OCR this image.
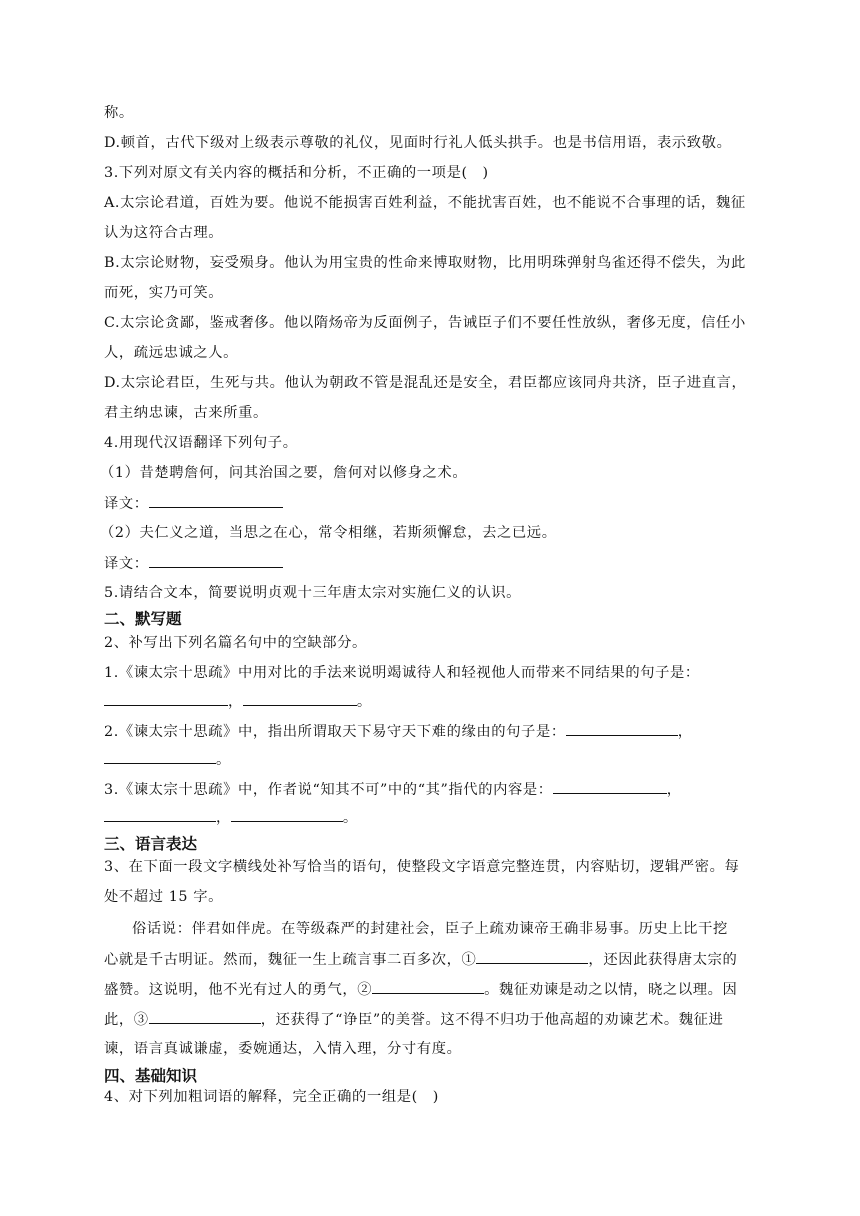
称。
D.顿首，古代下级对上级表示尊敬的礼仪，见面时行礼人低头拱手。也是书信用语，表示致敬。
3.下列对原文有关内容的概括和分析，不正确的一项是(　)
A.太宗论君道，百姓为要。他说不能损害百姓利益，不能扰害百姓，也不能说不合事理的话，魏征
认为这符合古理。
B.太宗论财物，妄受殒身。他认为用宝贵的性命来博取财物，比用明珠弹射鸟雀还得不偿失，为此
而死，实乃可笑。
C.太宗论贪鄙，鉴戒奢侈。他以隋炀帝为反面例子，告诫臣子们不要任性放纵，奢侈无度，信任小
人，疏远忠诚之人。
D.太宗论君臣，生死与共。他认为朝政不管是混乱还是安全，君臣都应该同舟共济，臣子进直言，
君主纳忠谏，古来所重。
4.用现代汉语翻译下列句子。
（1）昔楚聘詹何，问其治国之要，詹何对以修身之术。
译文：
（2）夫仁义之道，当思之在心，常令相继，若斯须懈怠，去之已远。
译文：
5.请结合文本，简要说明贞观十三年唐太宗对实施仁义的认识。
二、默写题
2、补写出下列名篇名句中的空缺部分。
1.《谏太宗十思疏》中用对比的手法来说明竭诚待人和轻视他人而带来不同结果的句子是：
，	。
2.《谏太宗十思疏》中，指出所谓取天下易守天下难的缘由的句子是：	，
。
3.《谏太宗十思疏》中，作者说“知其不可”中的“其”指代的内容是：	，
，	。
三、语言表达
3、在下面一段文字横线处补写恰当的语句，使整段文字语意完整连贯，内容贴切，逻辑严密。每
处不超过 15 字。
俗话说：伴君如伴虎。在等级森严的封建社会，臣子上疏劝谏帝王确非易事。历史上比干挖
心就是千古明证。然而，魏征一生上疏言事二百多次，①	，还因此获得唐太宗的
盛赞。这说明，他不光有过人的勇气，②	。魏征劝谏是动之以情，晓之以理。因
此，③	，还获得了“诤臣”的美誉。这不得不归功于他高超的劝谏艺术。魏征进
谏，语言真诚谦虚，委婉通达，入情入理，分寸有度。
四、基础知识
4、对下列加粗词语的解释，完全正确的一组是(　)
